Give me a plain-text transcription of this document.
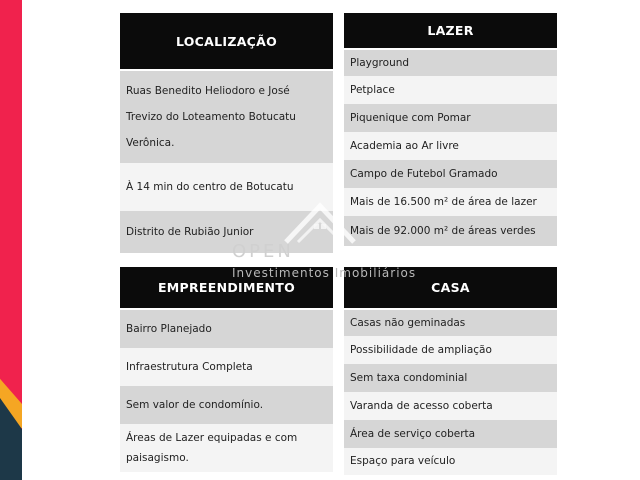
LOCALIZAÇÃO
Ruas Benedito Heliodoro e José Trevizo do Loteamento Botucatu Verônica.
À 14 min do centro de Botucatu
Distrito de Rubião Junior
LAZER
Playground
Petplace
Piquenique com Pomar
Academia ao Ar livre
Campo de Futebol Gramado
Mais de 16.500 m² de área de lazer
Mais de 92.000 m² de áreas verdes
EMPREENDIMENTO
Bairro Planejado
Infraestrutura Completa
Sem valor de condomínio.
Áreas de Lazer equipadas e com paisagismo.
CASA
Casas não geminadas
Possibilidade de ampliação
Sem taxa condominial
Varanda de acesso coberta
Área de serviço coberta
Espaço para veículo
OPEN
Investimentos Imobiliários
